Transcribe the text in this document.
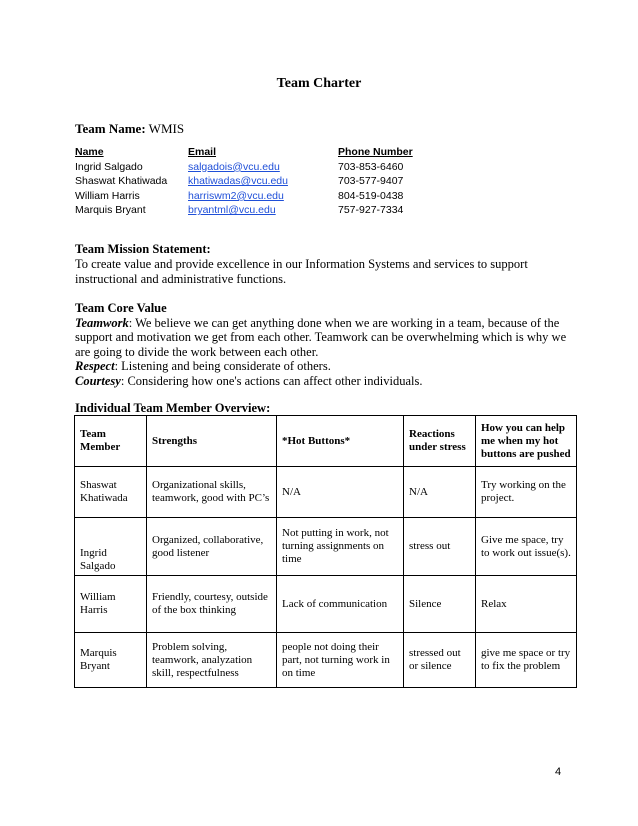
Team Charter
Team Name: WMIS
Name	Email	Phone Number
Ingrid Salgado	salgadois@vcu.edu	703-853-6460
Shaswat Khatiwada khatiwadas@vcu.edu	703-577-9407
William Harris	harriswm2@vcu.edu	804-519-0438
Marquis Bryant	bryantml@vcu.edu	757-927-7334
Team Mission Statement:
To create value and provide excellence in our Information Systems and services to support instructional and administrative functions.
Team Core Value
Teamwork: We believe we can get anything done when we are working in a team, because of the support and motivation we get from each other. Teamwork can be overwhelming which is why we are going to divide the work between each other.
Respect: Listening and being considerate of others.
Courtesy: Considering how one's actions can affect other individuals.
Individual Team Member Overview:
Team Member	Strengths	*Hot Buttons*	Reactions under stress	How you can help me when my hot buttons are pushed
Shaswat Khatiwada	Organizational skills, teamwork, good with PC’s	N/A	N/A	Try working on the project.
Ingrid Salgado	Organized, collaborative, good listener	Not putting in work, not turning assignments on time	stress out	Give me space, try to work out issue(s).
William Harris	Friendly, courtesy, outside of the box thinking	Lack of communication	Silence	Relax
Marquis Bryant	Problem solving, teamwork, analyzation skill, respectfulness	people not doing their part, not turning work in on time	stressed out or silence	give me space or try to fix the problem
4
